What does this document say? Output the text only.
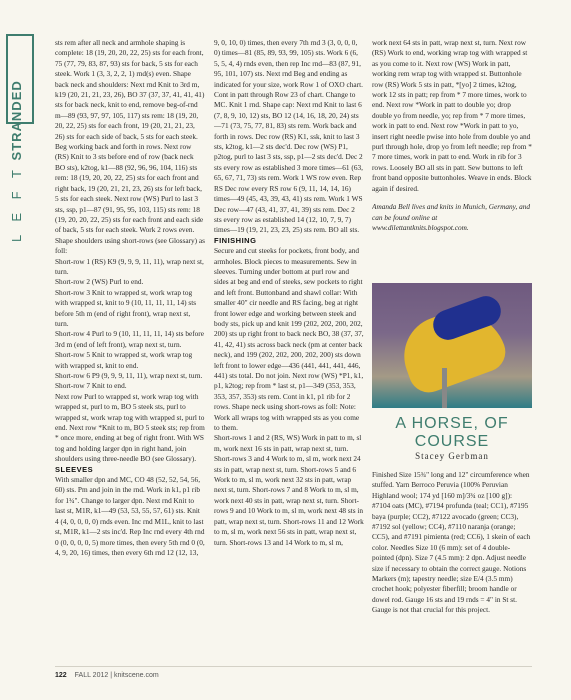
L E F T STRANDED

sts rem after all neck and armhole shaping is complete: 18 (19, 20, 20, 22, 25) sts for each front, 75 (77, 79, 83, 87, 93) sts for back, 5 sts for each steek. Work 1 (3, 3, 2, 2, 1) rnd(s) even. Shape back neck and shoulders: Next rnd Knit to 3rd m, k19 (20, 21, 21, 23, 26), BO 37 (37, 37, 41, 41, 41) sts for back neck, knit to end, remove beg-of-rnd m—89 (93, 97, 97, 105, 117) sts rem: 18 (19, 20, 20, 22, 25) sts for each front, 19 (20, 21, 21, 23, 26) sts for each side of back, 5 sts for each steek. Beg working back and forth in rows. Next row (RS) Knit to 3 sts before end of row (back neck BO sts), k2tog, k1—88 (92, 96, 96, 104, 116) sts rem: 18 (19, 20, 20, 22, 25) sts for each front and right back, 19 (20, 21, 21, 23, 26) sts for left back, 5 sts for each steek. Next row (WS) Purl to last 3 sts, ssp, p1—87 (91, 95, 95, 103, 115) sts rem: 18 (19, 20, 20, 22, 25) sts for each front and each side of back, 5 sts for each steek. Work 2 rows even. Shape shoulders using short-rows (see Glossary) as foll:

Short-row 1 (RS) K9 (9, 9, 9, 11, 11), wrap next st, turn.

Short-row 2 (WS) Purl to end.

Short-row 3 Knit to wrapped st, work wrap tog with wrapped st, knit to 9 (10, 11, 11, 11, 14) sts before 5th m (end of right front), wrap next st, turn.

Short-row 4 Purl to 9 (10, 11, 11, 11, 14) sts before 3rd m (end of left front), wrap next st, turn.

Short-row 5 Knit to wrapped st, work wrap tog with wrapped st, knit to end.

Short-row 6 P9 (9, 9, 9, 11, 11), wrap next st, turn.

Short-row 7 Knit to end.

Next row Purl to wrapped st, work wrap tog with wrapped st, purl to m, BO 5 steek sts, purl to wrapped st, work wrap tog with wrapped st, purl to end. Next row *Knit to m, BO 5 steek sts; rep from * once more, ending at beg of right front. With WS tog and holding larger dpn in right hand, join shoulders using three-needle BO (see Glossary).

SLEEVES

With smaller dpn and MC, CO 48 (52, 52, 54, 56, 60) sts. Pm and join in the rnd. Work in k1, p1 rib for 1¾". Change to larger dpn. Next rnd Knit to last st, M1R, k1—49 (53, 53, 55, 57, 61) sts. Knit 4 (4, 0, 0, 0, 0) rnds even. Inc rnd M1L, knit to last st, M1R, k1—2 sts inc'd. Rep Inc rnd every 4th rnd 0 (0, 0, 0, 0, 5) more times, then every 5th rnd 0 (0, 4, 9, 20, 16) times, then every 6th rnd 12 (12, 13,

9, 0, 10, 0) times, then every 7th rnd 3 (3, 0, 0, 0, 0) times—81 (85, 89, 93, 99, 105) sts. Work 6 (6, 5, 5, 4, 4) rnds even, then rep Inc rnd—83 (87, 91, 95, 101, 107) sts. Next rnd Beg and ending as indicated for your size, work Row 1 of OXO chart. Cont in patt through Row 23 of chart. Change to MC. Knit 1 rnd. Shape cap: Next rnd Knit to last 6 (7, 8, 9, 10, 12) sts, BO 12 (14, 16, 18, 20, 24) sts—71 (73, 75, 77, 81, 83) sts rem. Work back and forth in rows. Dec row (RS) K1, ssk, knit to last 3 sts, k2tog, k1—2 sts dec'd. Dec row (WS) P1, p2tog, purl to last 3 sts, ssp, p1—2 sts dec'd. Dec 2 sts every row as established 3 more times—61 (63, 65, 67, 71, 73) sts rem. Work 1 WS row even. Rep RS Dec row every RS row 6 (9, 11, 14, 14, 16) times—49 (45, 43, 39, 43, 41) sts rem. Work 1 WS Dec row—47 (43, 41, 37, 41, 39) sts rem. Dec 2 sts every row as established 14 (12, 10, 7, 9, 7) times—19 (19, 21, 23, 23, 25) sts rem. BO all sts.

FINISHING

Secure and cut steeks for pockets, front body, and armholes. Block pieces to measurements. Sew in sleeves. Turning under bottom at purl row and sides at beg and end of steeks, sew pockets to right and left front. Buttonband and shawl collar: With smaller 40" cir needle and RS facing, beg at right front lower edge and working between steek and body sts, pick up and knit 199 (202, 202, 200, 202, 200) sts up right front to back neck BO, 38 (37, 37, 41, 42, 41) sts across back neck (pm at center back neck), and 199 (202, 202, 200, 202, 200) sts down left front to lower edge—436 (441, 441, 441, 446, 441) sts total. Do not join. Next row (WS) *P1, k1, p1, k2tog; rep from * last st, p1—349 (353, 353, 353, 357, 353) sts rem. Cont in k1, p1 rib for 2 rows. Shape neck using short-rows as foll: Note: Work all wraps tog with wrapped sts as you come to them.

Short-rows 1 and 2 (RS, WS) Work in patt to m, sl m, work next 16 sts in patt, wrap next st, turn. Short-rows 3 and 4 Work to m, sl m, work next 24 sts in patt, wrap next st, turn. Short-rows 5 and 6 Work to m, sl m, work next 32 sts in patt, wrap next st, turn. Short-rows 7 and 8 Work to m, sl m, work next 40 sts in patt, wrap next st, turn. Short-rows 9 and 10 Work to m, sl m, work next 48 sts in patt, wrap next st, turn. Short-rows 11 and 12 Work to m, sl m, work next 56 sts in patt, wrap next st, turn. Short-rows 13 and 14 Work to m, sl m,

work next 64 sts in patt, wrap next st, turn. Next row (RS) Work to end, working wrap tog with wrapped st as you come to it. Next row (WS) Work in patt, working rem wrap tog with wrapped st. Buttonhole row (RS) Work 5 sts in patt, *[yo] 2 times, k2tog, work 12 sts in patt; rep from * 7 more times, work to end. Next row *Work in patt to double yo; drop double yo from needle, yo; rep from * 7 more times, work in patt to end. Next row *Work in patt to yo, insert right needle pwise into hole from double yo and purl through hole, drop yo from left needle; rep from * 7 more times, work in patt to end. Work in rib for 3 rows. Loosely BO all sts in patt. Sew buttons to left front band opposite buttonholes. Weave in ends. Block again if desired.

Amanda Bell lives and knits in Munich, Germany, and can be found online at www.dilettantknits.blogspot.com.

A HORSE, OF COURSE
Stacey Gerbman

Finished Size 15¾" long and 12" circumference when stuffed. Yarn Berroco Peruvia (100% Peruvian Highland wool; 174 yd [160 m]/3¾ oz [100 g]): #7104 oats (MC), #7194 profunda (teal; CC1), #7195 baya (purple; CC2), #7122 avocado (green; CC3), #7192 sol (yellow; CC4), #7110 naranja (orange; CC5), and #7191 pimienta (red; CC6), 1 skein of each color. Needles Size 10 (6 mm): set of 4 double-pointed (dpn). Size 7 (4.5 mm): 2 dpn. Adjust needle size if necessary to obtain the correct gauge. Notions Markers (m); tapestry needle; size E/4 (3.5 mm) crochet hook; polyester fiberfill; broom handle or dowel rod. Gauge 16 sts and 19 rnds = 4" in St st. Gauge is not that crucial for this project.

122 FALL 2012 | knitscene.com
